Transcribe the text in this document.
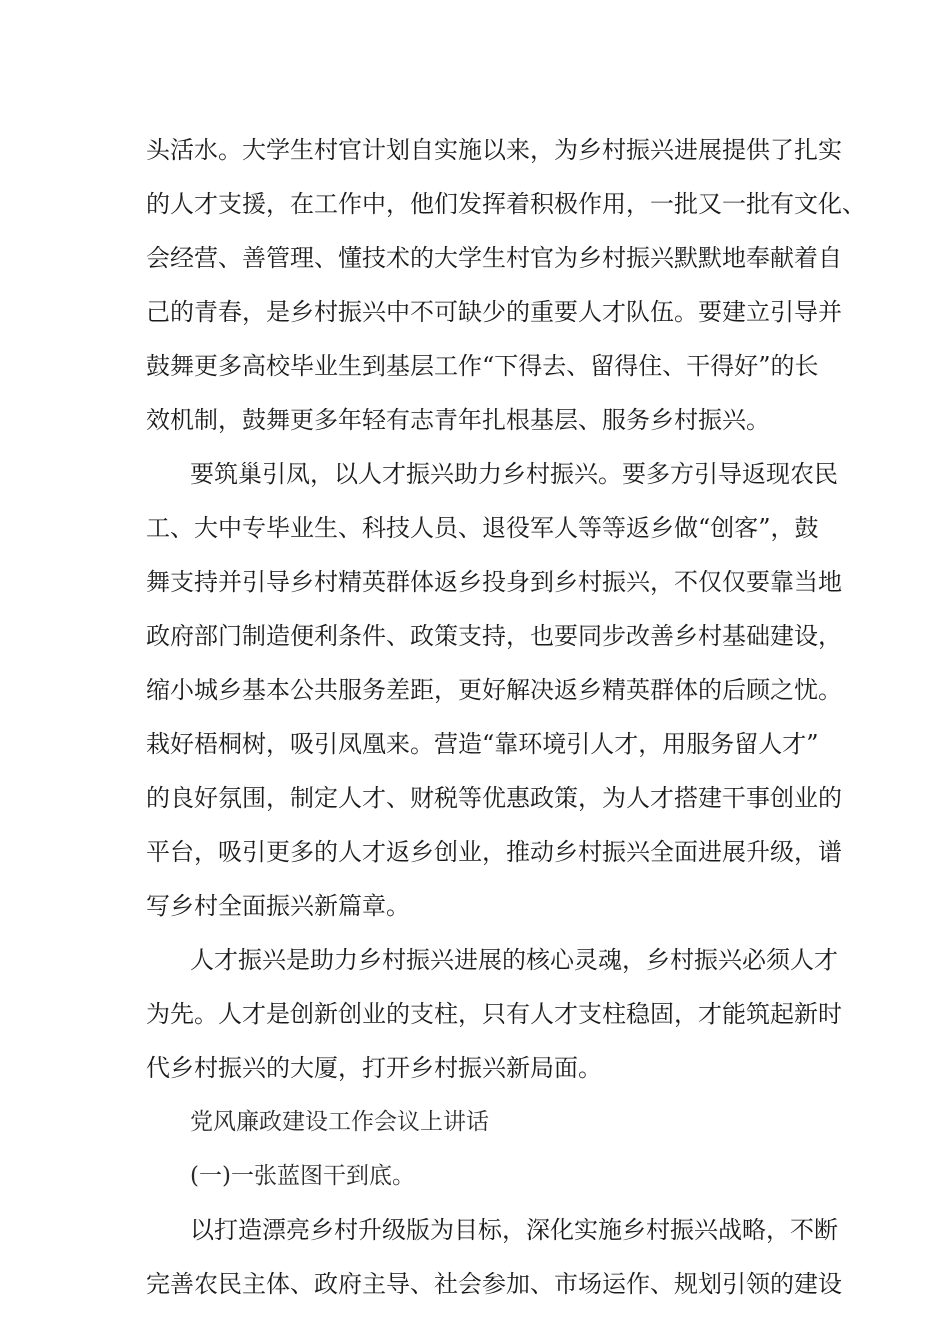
头活水。大学生村官计划自实施以来，为乡村振兴进展提供了扎实
的人才支援，在工作中，他们发挥着积极作用，一批又一批有文化、
会经营、善管理、懂技术的大学生村官为乡村振兴默默地奉献着自
己的青春，是乡村振兴中不可缺少的重要人才队伍。要建立引导并
鼓舞更多高校毕业生到基层工作“下得去、留得住、干得好”的长
效机制，鼓舞更多年轻有志青年扎根基层、服务乡村振兴。
要筑巢引凤，以人才振兴助力乡村振兴。要多方引导返现农民
工、大中专毕业生、科技人员、退役军人等等返乡做“创客”，鼓
舞支持并引导乡村精英群体返乡投身到乡村振兴，不仅仅要靠当地
政府部门制造便利条件、政策支持，也要同步改善乡村基础建设，
缩小城乡基本公共服务差距，更好解决返乡精英群体的后顾之忧。
栽好梧桐树，吸引凤凰来。营造“靠环境引人才，用服务留人才”
的良好氛围，制定人才、财税等优惠政策，为人才搭建干事创业的
平台，吸引更多的人才返乡创业，推动乡村振兴全面进展升级，谱
写乡村全面振兴新篇章。
人才振兴是助力乡村振兴进展的核心灵魂，乡村振兴必须人才
为先。人才是创新创业的支柱，只有人才支柱稳固，才能筑起新时
代乡村振兴的大厦，打开乡村振兴新局面。
党风廉政建设工作会议上讲话
(一)一张蓝图干到底。
以打造漂亮乡村升级版为目标，深化实施乡村振兴战略，不断
完善农民主体、政府主导、社会参加、市场运作、规划引领的建设
